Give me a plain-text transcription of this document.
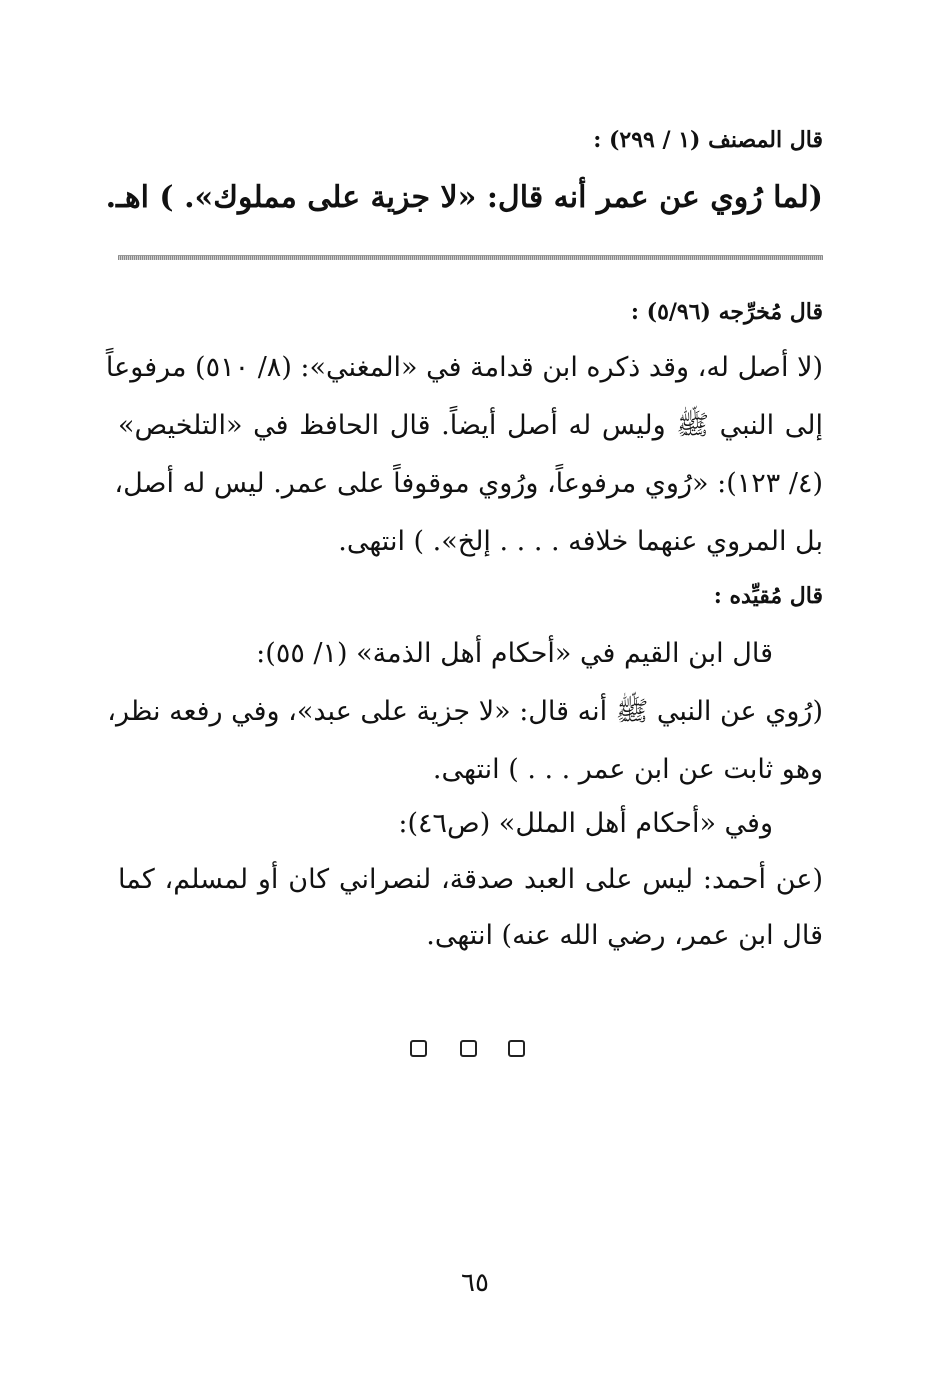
قال المصنف (١ / ٢٩٩) :
(لما رُوي عن عمر أنه قال: «لا جزية على مملوك». ) اهـ.
قال مُخرِّجه (٥/٩٦) :
(لا أصل له، وقد ذكره ابن قدامة في «المغني»: (٨/ ٥١٠) مرفوعاً
إلى النبي ﷺ وليس له أصل أيضاً. قال الحافظ في «التلخيص»
(٤/ ١٢٣): «رُوي مرفوعاً، ورُوي موقوفاً على عمر. ليس له أصل،
بل المروي عنهما خلافه . . . . إلخ». ) انتهى.
قال مُقيِّده :
قال ابن القيم في «أحكام أهل الذمة» (١/ ٥٥):
(رُوي عن النبي ﷺ أنه قال: «لا جزية على عبد»، وفي رفعه نظر،
وهو ثابت عن ابن عمر . . . ) انتهى.
وفي «أحكام أهل الملل» (ص٤٦):
(عن أحمد: ليس على العبد صدقة، لنصراني كان أو لمسلم، كما
قال ابن عمر، رضي الله عنه) انتهى.
٦٥
